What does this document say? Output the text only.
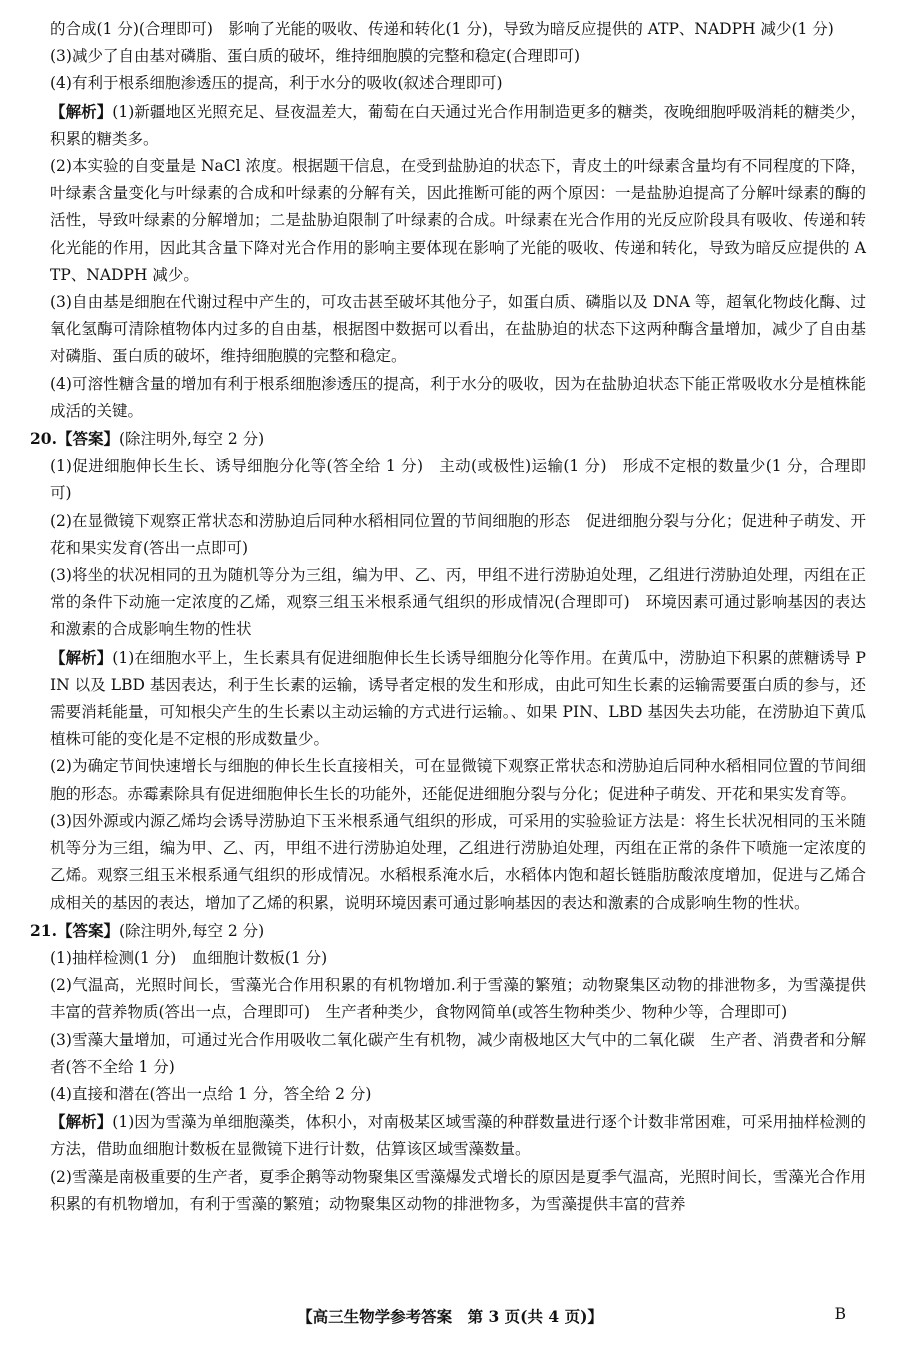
的合成(1 分)(合理即可)　影响了光能的吸收、传递和转化(1 分)，导致为暗反应提供的 ATP、NADPH 减少(1 分)

(3)减少了自由基对磷脂、蛋白质的破坏，维持细胞膜的完整和稳定(合理即可)

(4)有利于根系细胞渗透压的提高，利于水分的吸收(叙述合理即可)

【解析】(1)新疆地区光照充足、昼夜温差大，葡萄在白天通过光合作用制造更多的糖类，夜晚细胞呼吸消耗的糖类少，积累的糖类多。

(2)本实验的自变量是 NaCl 浓度。根据题干信息，在受到盐胁迫的状态下，青皮土的叶绿素含量均有不同程度的下降，叶绿素含量变化与叶绿素的合成和叶绿素的分解有关，因此推断可能的两个原因：一是盐胁迫提高了分解叶绿素的酶的活性，导致叶绿素的分解增加；二是盐胁迫限制了叶绿素的合成。叶绿素在光合作用的光反应阶段具有吸收、传递和转化光能的作用，因此其含量下降对光合作用的影响主要体现在影响了光能的吸收、传递和转化，导致为暗反应提供的 ATP、NADPH 减少。

(3)自由基是细胞在代谢过程中产生的，可攻击甚至破坏其他分子，如蛋白质、磷脂以及 DNA 等，超氧化物歧化酶、过氧化氢酶可清除植物体内过多的自由基，根据图中数据可以看出，在盐胁迫的状态下这两种酶含量增加，减少了自由基对磷脂、蛋白质的破坏，维持细胞膜的完整和稳定。

(4)可溶性糖含量的增加有利于根系细胞渗透压的提高，利于水分的吸收，因为在盐胁迫状态下能正常吸收水分是植株能成活的关键。

20.【答案】(除注明外,每空 2 分)

(1)促进细胞伸长生长、诱导细胞分化等(答全给 1 分)　主动(或极性)运输(1 分)　形成不定根的数量少(1 分，合理即可)

(2)在显微镜下观察正常状态和涝胁迫后同种水稻相同位置的节间细胞的形态　促进细胞分裂与分化；促进种子萌发、开花和果实发育(答出一点即可)

(3)将坐的状况相同的丑为随机等分为三组，编为甲、乙、丙，甲组不进行涝胁迫处理，乙组进行涝胁迫处理，丙组在正常的条件下动施一定浓度的乙烯，观察三组玉米根系通气组织的形成情况(合理即可)　环境因素可通过影响基因的表达和激素的合成影响生物的性状

【解析】(1)在细胞水平上，生长素具有促进细胞伸长生长诱导细胞分化等作用。在黄瓜中，涝胁迫下积累的蔗糖诱导 PIN 以及 LBD 基因表达，利于生长素的运输，诱导者定根的发生和形成，由此可知生长素的运输需要蛋白质的参与，还需要消耗能量，可知根尖产生的生长素以主动运输的方式进行运输。、如果 PIN、LBD 基因失去功能，在涝胁迫下黄瓜植株可能的变化是不定根的形成数量少。

(2)为确定节间快速增长与细胞的伸长生长直接相关，可在显微镜下观察正常状态和涝胁迫后同种水稻相同位置的节间细胞的形态。赤霉素除具有促进细胞伸长生长的功能外，还能促进细胞分裂与分化；促进种子萌发、开花和果实发育等。

(3)因外源或内源乙烯均会诱导涝胁迫下玉米根系通气组织的形成，可采用的实验验证方法是：将生长状况相同的玉米随机等分为三组，编为甲、乙、丙，甲组不进行涝胁迫处理，乙组进行涝胁迫处理，丙组在正常的条件下喷施一定浓度的乙烯。观察三组玉米根系通气组织的形成情况。水稻根系淹水后，水稻体内饱和超长链脂肪酸浓度增加，促进与乙烯合成相关的基因的表达，增加了乙烯的积累，说明环境因素可通过影响基因的表达和激素的合成影响生物的性状。

21.【答案】(除注明外,每空 2 分)

(1)抽样检测(1 分)　血细胞计数板(1 分)

(2)气温高，光照时间长，雪藻光合作用积累的有机物增加.利于雪藻的繁殖；动物聚集区动物的排泄物多，为雪藻提供丰富的营养物质(答出一点，合理即可)　生产者种类少，食物网简单(或答生物种类少、物种少等，合理即可)

(3)雪藻大量增加，可通过光合作用吸收二氧化碳产生有机物，减少南极地区大气中的二氧化碳　生产者、消费者和分解者(答不全给 1 分)

(4)直接和潜在(答出一点给 1 分，答全给 2 分)

【解析】(1)因为雪藻为单细胞藻类，体积小，对南极某区域雪藻的种群数量进行逐个计数非常困难，可采用抽样检测的方法，借助血细胞计数板在显微镜下进行计数，估算该区域雪藻数量。

(2)雪藻是南极重要的生产者，夏季企鹅等动物聚集区雪藻爆发式增长的原因是夏季气温高，光照时间长，雪藻光合作用积累的有机物增加，有利于雪藻的繁殖；动物聚集区动物的排泄物多，为雪藻提供丰富的营养

【高三生物学参考答案　第 3 页(共 4 页)】	B
